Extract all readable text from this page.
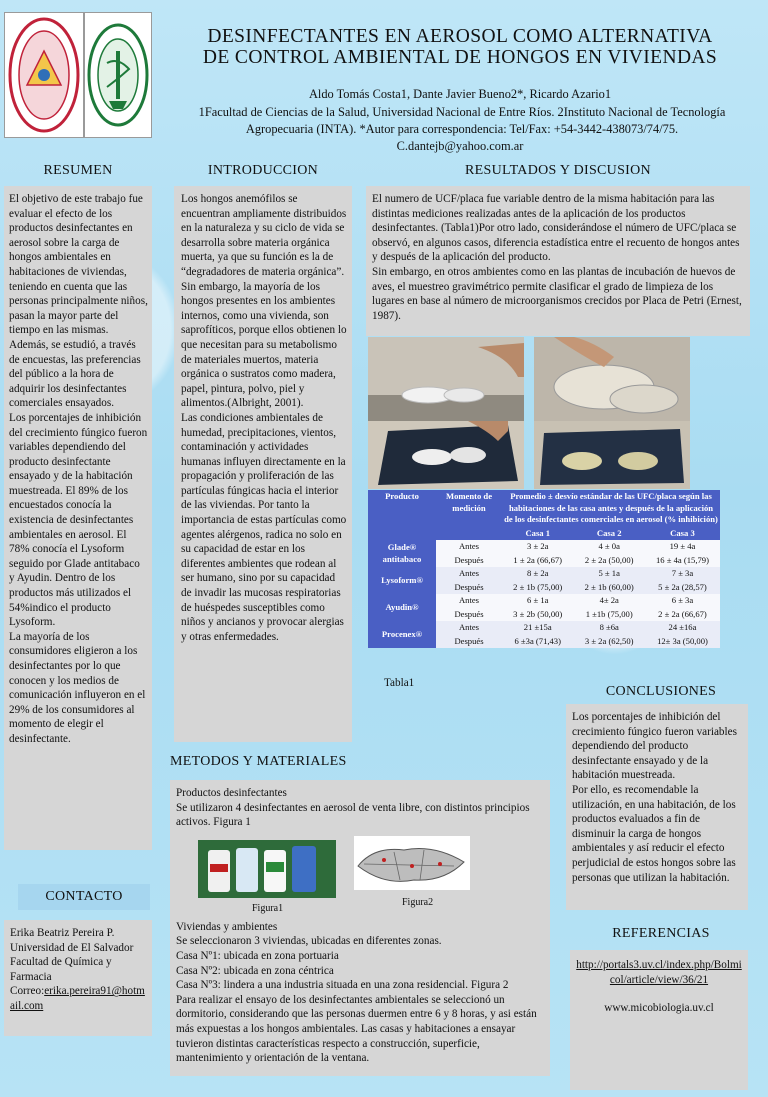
DESINFECTANTES EN AEROSOL COMO ALTERNATIVA DE CONTROL AMBIENTAL DE HONGOS EN VIVIENDAS
Aldo Tomás Costa1, Dante Javier Bueno2*, Ricardo Azario1
1Facultad de Ciencias de la Salud, Universidad Nacional de Entre Ríos. 2Instituto Nacional de Tecnología Agropecuaria (INTA). *Autor para correspondencia: Tel/Fax: +54-3442-438073/74/75.
C.dantejb@yahoo.com.ar
RESUMEN	INTRODUCCION	RESULTADOS Y DISCUSION

El objetivo de este trabajo fue evaluar el efecto de los productos desinfectantes en aerosol sobre la carga de hongos ambientales en habitaciones de viviendas, teniendo en cuenta que las personas principalmente niños, pasan la mayor parte del tiempo en las mismas.
Además, se estudió, a través de encuestas, las preferencias del público a la hora de adquirir los desinfectantes comerciales ensayados.
Los porcentajes de inhibición del crecimiento fúngico fueron variables dependiendo del producto desinfectante ensayado y de la habitación muestreada. El 89% de los encuestados conocía la existencia de desinfectantes ambientales en aerosol. El 78% conocía el Lysoform seguido por Glade antitabaco y Ayudin. Dentro de los productos más utilizados el 54%indico el producto Lysoform.
La mayoría de los consumidores eligieron a los desinfectantes por lo que conocen y los medios de comunicación influyeron en el 29% de los consumidores al momento de elegir el desinfectante.

Los hongos anemófilos se encuentran ampliamente distribuidos en la naturaleza y su ciclo de vida se desarrolla sobre materia orgánica muerta, ya que su función es la de “degradadores de materia orgánica”. Sin embargo, la mayoría de los hongos presentes en los ambientes internos, como una vivienda, son saprofíticos, porque ellos obtienen lo que necesitan para su metabolismo de materiales muertos, materia orgánica o sustratos como madera, papel, pintura, polvo, piel y alimentos.(Albright, 2001).
Las condiciones ambientales de humedad, precipitaciones, vientos, contaminación y actividades humanas influyen directamente en la propagación y proliferación de las partículas fúngicas hacia el interior de las viviendas. Por tanto la importancia de estas partículas como agentes alérgenos, radica no solo en su capacidad de estar en los diferentes ambientes que rodean al ser humano, sino por su capacidad de invadir las mucosas respiratorias de huéspedes susceptibles como niños y ancianos y provocar alergias y otras enfermedades.

El numero de UCF/placa fue variable dentro de la misma habitación para las distintas mediciones realizadas antes de la aplicación de los productos desinfectantes. (Tabla1)Por otro lado, considerándose el número de UFC/placa se observó, en algunos casos, diferencia estadística entre el recuento de hongos antes y después de la aplicación del producto.
Sin embargo, en otros ambientes como en las plantas de incubación de huevos de aves, el muestreo gravimétrico permite clasificar el grado de limpieza de los lugares en base al número de microorganismos crecidos por Placa de Petri (Ernest, 1987).

Producto	Momento de medición	Promedio ± desvío estándar de las UFC/placa según las habitaciones de las casa antes y después de la aplicación de los desinfectantes comerciales en aerosol (% inhibición)		
		Casa 1	Casa 2	Casa 3
Glade® antitabaco	Antes	3 ± 2a	4 ± 0a	19 ± 4a
	Después	1 ± 2a (66,67)	2 ± 2a (50,00)	16 ± 4a (15,79)
Lysoform®	Antes	8 ± 2a	5 ± 1a	7 ± 3a
	Después	2 ± 1b (75,00)	2 ± 1b (60,00)	5 ± 2a (28,57)
Ayudin®	Antes	6 ± 1a	4± 2a	6 ± 3a
	Después	3 ± 2b (50,00)	1 ±1b (75,00)	2 ± 2a (66,67)
Procenex®	Antes	21 ±15a	8 ±6a	24 ±16a
	Después	6 ±3a (71,43)	3 ± 2a (62,50)	12± 3a (50,00)
Tabla1
CONTACTO
Erika Beatriz Pereira P.
Universidad de El Salvador
Facultad de Química y Farmacia
Correo:erika.pereira91@hotmail.com
METODOS Y MATERIALES

Productos desinfectantes
Se utilizaron 4 desinfectantes en aerosol de venta libre, con distintos principios activos. Figura 1

Figura1
Figura2

Viviendas y ambientes
Se seleccionaron 3 viviendas, ubicadas en diferentes zonas.
Casa Nº1: ubicada en zona portuaria
Casa Nº2: ubicada en zona céntrica
Casa Nº3: lindera a una industria situada en una zona residencial. Figura 2
Para realizar el ensayo de los desinfectantes ambientales se seleccionó un dormitorio, considerando que las personas duermen entre 6 y 8 horas, y asi están más expuestas a los hongos ambientales. Las casas y habitaciones a ensayar tuvieron distintas características respecto a construcción, superficie, mantenimiento y orientación de la ventana.

CONCLUSIONES

Los porcentajes de inhibición del crecimiento fúngico fueron variables dependiendo del producto desinfectante ensayado y de la habitación muestreada.
Por ello, es recomendable la utilización, en una habitación, de los productos evaluados a fin de disminuir la carga de hongos ambientales y así reducir el efecto perjudicial de estos hongos sobre las personas que utilizan la habitación.

REFERENCIAS
http://portals3.uv.cl/index.php/Bolmicol/article/view/36/21
www.micobiologia.uv.cl
